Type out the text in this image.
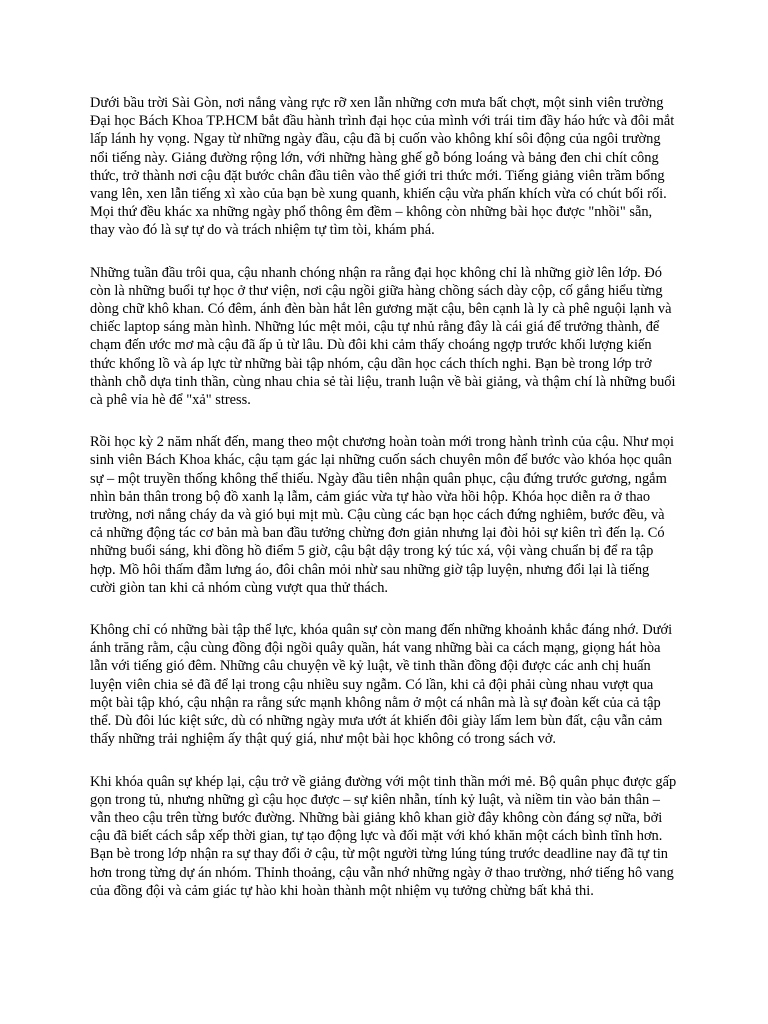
Dưới bầu trời Sài Gòn, nơi nắng vàng rực rỡ xen lẫn những cơn mưa bất chợt, một sinh viên trường Đại học Bách Khoa TP.HCM bắt đầu hành trình đại học của mình với trái tim đầy háo hức và đôi mắt lấp lánh hy vọng. Ngay từ những ngày đầu, cậu đã bị cuốn vào không khí sôi động của ngôi trường nổi tiếng này. Giảng đường rộng lớn, với những hàng ghế gỗ bóng loáng và bảng đen chi chít công thức, trở thành nơi cậu đặt bước chân đầu tiên vào thế giới tri thức mới. Tiếng giảng viên trầm bổng vang lên, xen lẫn tiếng xì xào của bạn bè xung quanh, khiến cậu vừa phấn khích vừa có chút bối rối. Mọi thứ đều khác xa những ngày phổ thông êm đềm – không còn những bài học được "nhồi" sẵn, thay vào đó là sự tự do và trách nhiệm tự tìm tòi, khám phá.

Những tuần đầu trôi qua, cậu nhanh chóng nhận ra rằng đại học không chỉ là những giờ lên lớp. Đó còn là những buổi tự học ở thư viện, nơi cậu ngồi giữa hàng chồng sách dày cộp, cố gắng hiểu từng dòng chữ khô khan. Có đêm, ánh đèn bàn hắt lên gương mặt cậu, bên cạnh là ly cà phê nguội lạnh và chiếc laptop sáng màn hình. Những lúc mệt mỏi, cậu tự nhủ rằng đây là cái giá để trưởng thành, để chạm đến ước mơ mà cậu đã ấp ủ từ lâu. Dù đôi khi cảm thấy choáng ngợp trước khối lượng kiến thức khổng lồ và áp lực từ những bài tập nhóm, cậu dần học cách thích nghi. Bạn bè trong lớp trở thành chỗ dựa tinh thần, cùng nhau chia sẻ tài liệu, tranh luận về bài giảng, và thậm chí là những buổi cà phê vỉa hè để "xả" stress.

Rồi học kỳ 2 năm nhất đến, mang theo một chương hoàn toàn mới trong hành trình của cậu. Như mọi sinh viên Bách Khoa khác, cậu tạm gác lại những cuốn sách chuyên môn để bước vào khóa học quân sự – một truyền thống không thể thiếu. Ngày đầu tiên nhận quân phục, cậu đứng trước gương, ngắm nhìn bản thân trong bộ đồ xanh lạ lẫm, cảm giác vừa tự hào vừa hồi hộp. Khóa học diễn ra ở thao trường, nơi nắng cháy da và gió bụi mịt mù. Cậu cùng các bạn học cách đứng nghiêm, bước đều, và cả những động tác cơ bản mà ban đầu tưởng chừng đơn giản nhưng lại đòi hỏi sự kiên trì đến lạ. Có những buổi sáng, khi đồng hồ điểm 5 giờ, cậu bật dậy trong ký túc xá, vội vàng chuẩn bị để ra tập hợp. Mồ hôi thấm đẫm lưng áo, đôi chân mỏi nhừ sau những giờ tập luyện, nhưng đổi lại là tiếng cười giòn tan khi cả nhóm cùng vượt qua thử thách.

Không chỉ có những bài tập thể lực, khóa quân sự còn mang đến những khoảnh khắc đáng nhớ. Dưới ánh trăng rằm, cậu cùng đồng đội ngồi quây quần, hát vang những bài ca cách mạng, giọng hát hòa lẫn với tiếng gió đêm. Những câu chuyện về kỷ luật, về tinh thần đồng đội được các anh chị huấn luyện viên chia sẻ đã để lại trong cậu nhiều suy ngẫm. Có lần, khi cả đội phải cùng nhau vượt qua một bài tập khó, cậu nhận ra rằng sức mạnh không nằm ở một cá nhân mà là sự đoàn kết của cả tập thể. Dù đôi lúc kiệt sức, dù có những ngày mưa ướt át khiến đôi giày lấm lem bùn đất, cậu vẫn cảm thấy những trải nghiệm ấy thật quý giá, như một bài học không có trong sách vở.

Khi khóa quân sự khép lại, cậu trở về giảng đường với một tinh thần mới mẻ. Bộ quân phục được gấp gọn trong tủ, nhưng những gì cậu học được – sự kiên nhẫn, tính kỷ luật, và niềm tin vào bản thân – vẫn theo cậu trên từng bước đường. Những bài giảng khô khan giờ đây không còn đáng sợ nữa, bởi cậu đã biết cách sắp xếp thời gian, tự tạo động lực và đối mặt với khó khăn một cách bình tĩnh hơn. Bạn bè trong lớp nhận ra sự thay đổi ở cậu, từ một người từng lúng túng trước deadline nay đã tự tin hơn trong từng dự án nhóm. Thỉnh thoảng, cậu vẫn nhớ những ngày ở thao trường, nhớ tiếng hô vang của đồng đội và cảm giác tự hào khi hoàn thành một nhiệm vụ tưởng chừng bất khả thi.
